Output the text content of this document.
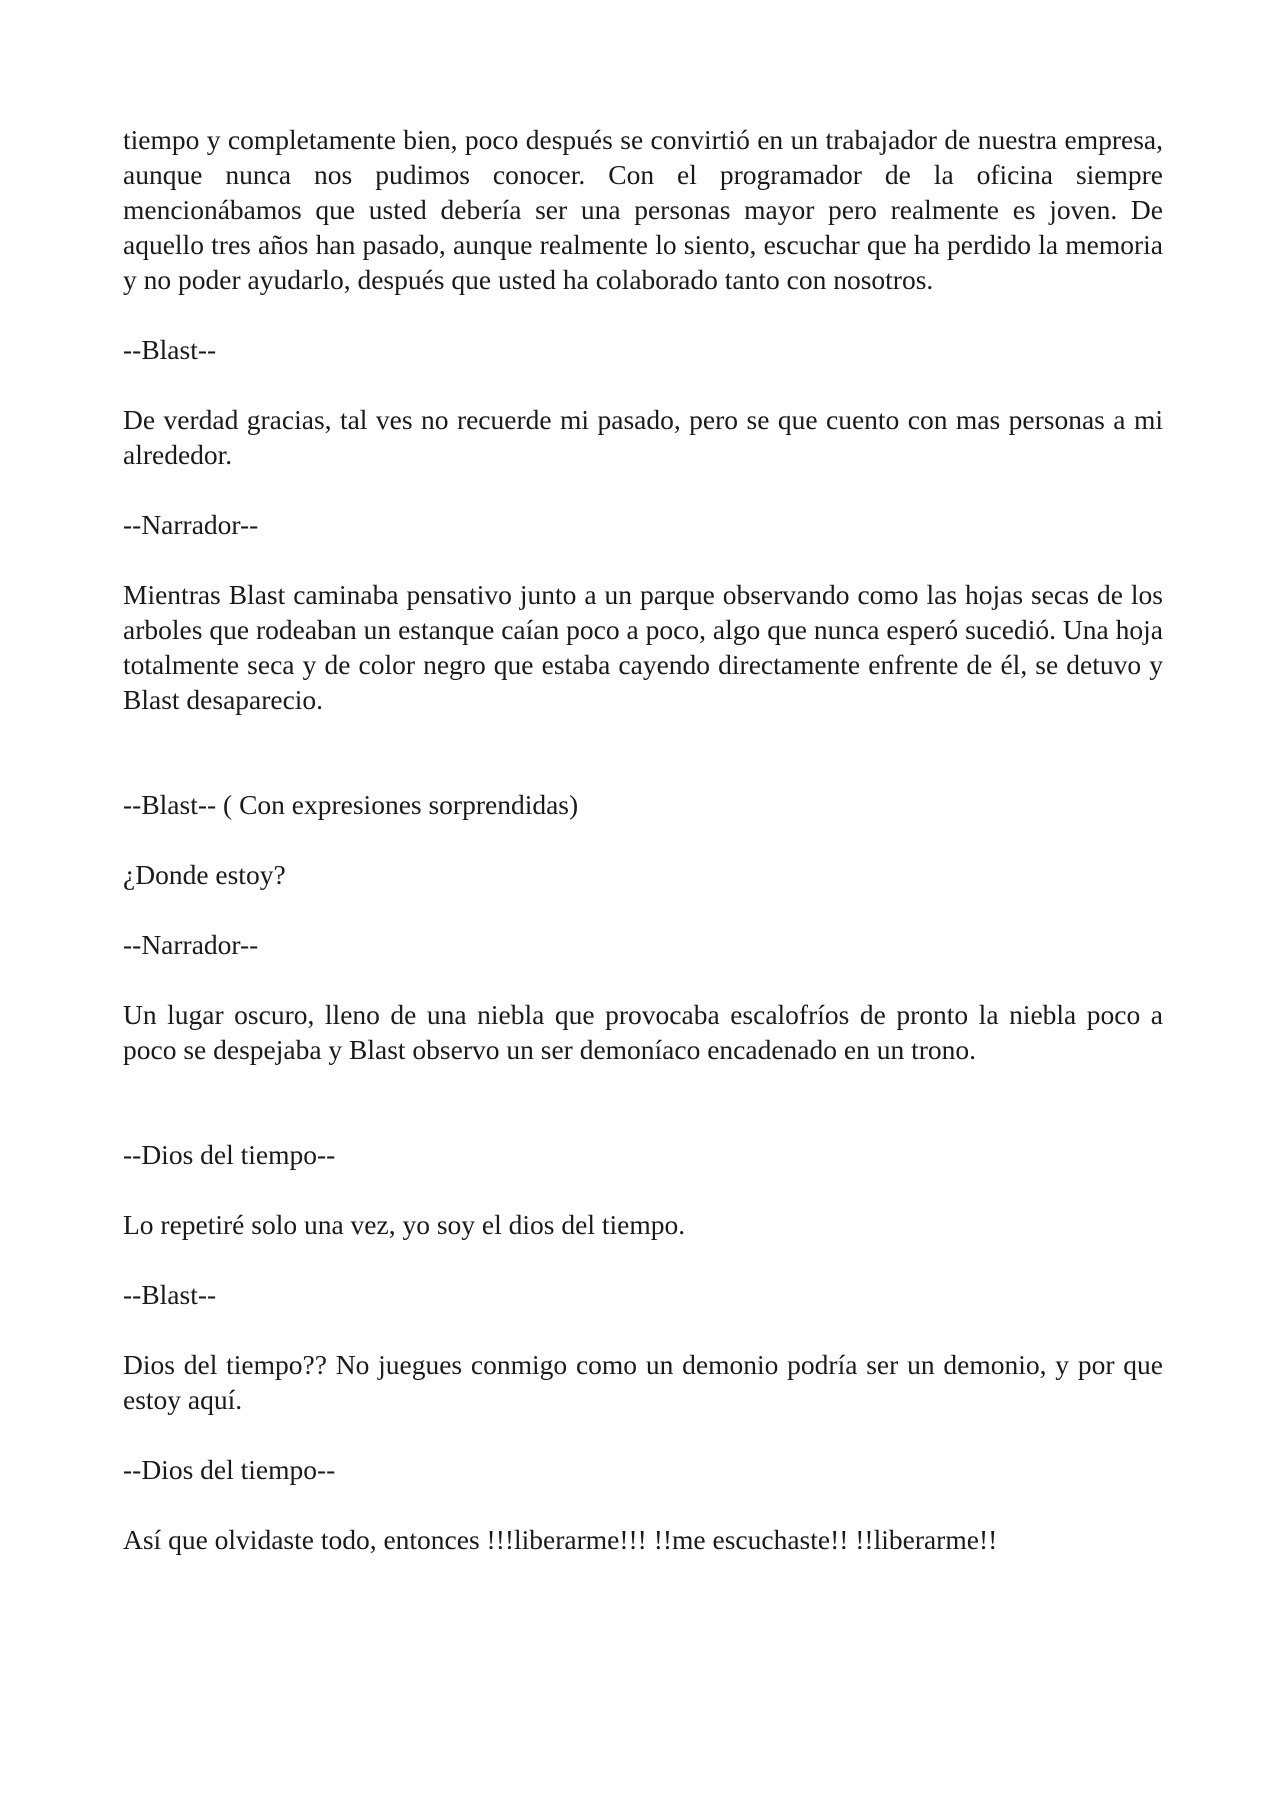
tiempo y completamente bien, poco después se convirtió en un trabajador de nuestra empresa, aunque nunca nos pudimos conocer. Con el programador de la oficina siempre mencionábamos que usted debería ser una personas mayor pero realmente es joven. De aquello tres años han pasado, aunque realmente lo siento, escuchar que ha perdido la memoria y no poder ayudarlo, después que usted ha colaborado tanto con nosotros.

--Blast--

De verdad gracias, tal ves no recuerde mi pasado, pero se que cuento con mas personas a mi alrededor.

--Narrador--

Mientras Blast caminaba pensativo junto a un parque observando como las hojas secas de los arboles que rodeaban un estanque caían poco a poco, algo que nunca esperó sucedió. Una hoja totalmente seca y de color negro que estaba cayendo directamente enfrente de él, se detuvo y Blast desaparecio.

--Blast-- ( Con expresiones sorprendidas)

¿Donde estoy?

--Narrador--

Un lugar oscuro, lleno de una niebla que provocaba escalofríos de pronto la niebla poco a poco se despejaba y Blast observo un ser demoníaco encadenado en un trono.

--Dios del tiempo--

Lo repetiré solo una vez, yo soy el dios del tiempo.

--Blast--

Dios del tiempo?? No juegues conmigo como un demonio podría ser un demonio, y por que estoy aquí.

--Dios del tiempo--

Así que olvidaste todo, entonces !!!liberarme!!! !!me escuchaste!! !!liberarme!!
